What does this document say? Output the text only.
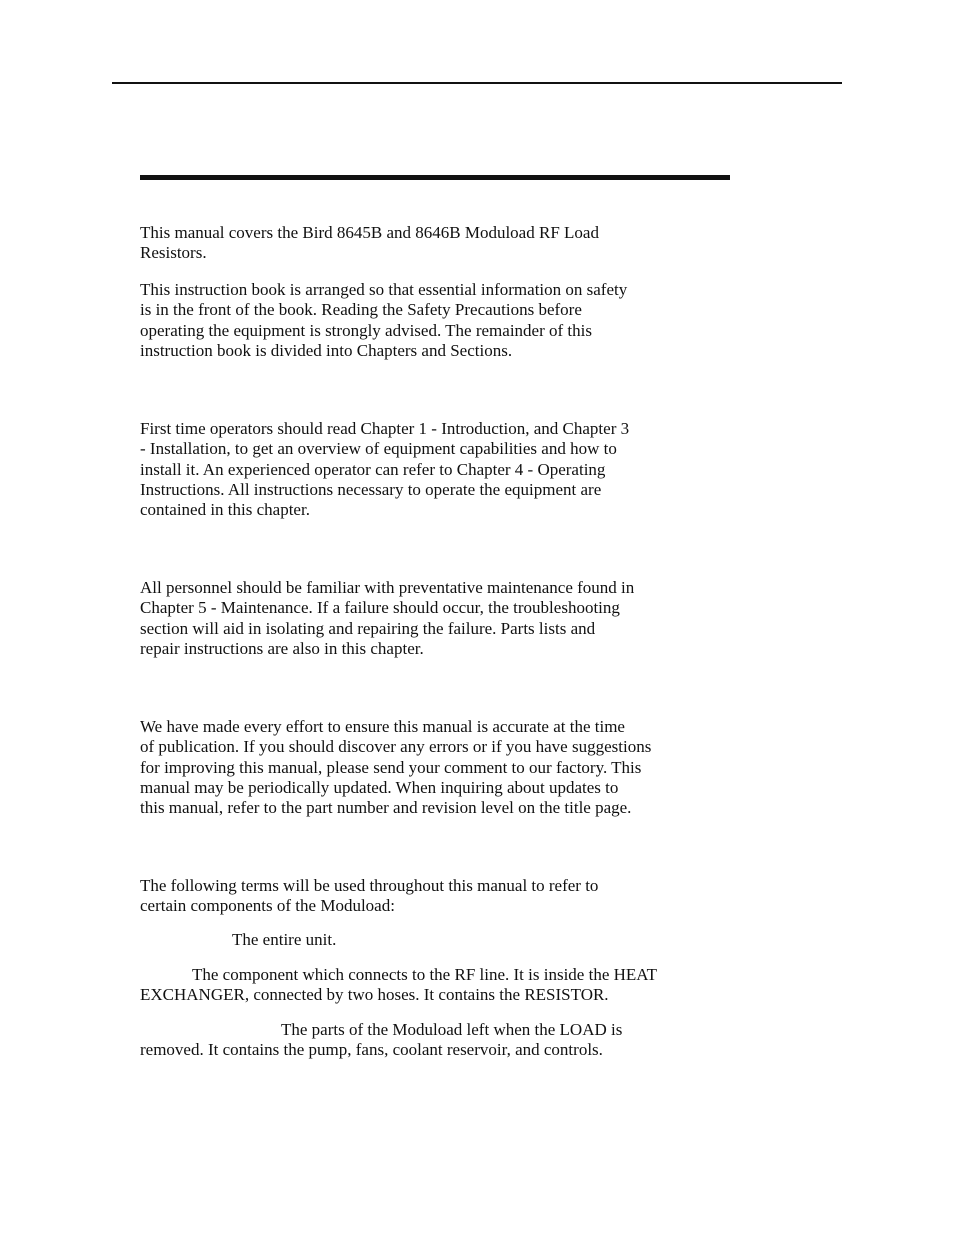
This manual covers the Bird 8645B and 8646B Moduload RF Load
Resistors.

This instruction book is arranged so that essential information on safety
is in the front of the book. Reading the Safety Precautions before
operating the equipment is strongly advised. The remainder of this
instruction book is divided into Chapters and Sections.

First time operators should read Chapter 1 - Introduction, and Chapter 3
- Installation, to get an overview of equipment capabilities and how to
install it. An experienced operator can refer to Chapter 4 - Operating
Instructions. All instructions necessary to operate the equipment are
contained in this chapter.

All personnel should be familiar with preventative maintenance found in
Chapter 5 - Maintenance. If a failure should occur, the troubleshooting
section will aid in isolating and repairing the failure. Parts lists and
repair instructions are also in this chapter.

We have made every effort to ensure this manual is accurate at the time
of publication. If you should discover any errors or if you have suggestions
for improving this manual, please send your comment to our factory. This
manual may be periodically updated. When inquiring about updates to
this manual, refer to the part number and revision level on the title page.

The following terms will be used throughout this manual to refer to
certain components of the Moduload:

The entire unit.

The component which connects to the RF line. It is inside the HEAT
EXCHANGER, connected by two hoses. It contains the RESISTOR.

The parts of the Moduload left when the LOAD is
removed. It contains the pump, fans, coolant reservoir, and controls.
